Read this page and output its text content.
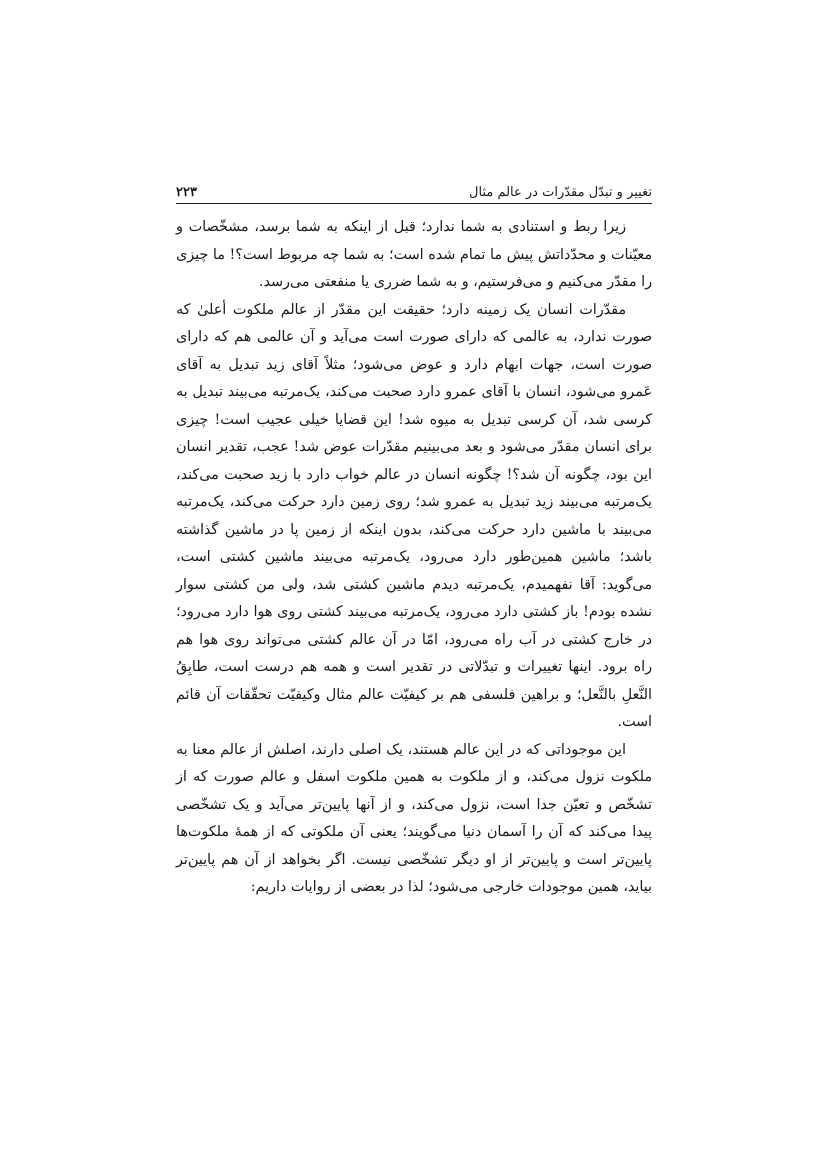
تغییر و تبدّل مقدّرات در عالم مثال
۲۲۳

زیرا ربط و استنادی به شما ندارد؛ قبل از اینکه به شما برسد، مشخّصات و معیّنات و محدّداتش پیش ما تمام شده است؛ به شما چه مربوط است؟! ما چیزی را مقدّر می‌کنیم و می‌فرستیم، و به شما ضرری یا منفعتی می‌رسد.

مقدّرات انسان یک زمینه دارد؛ حقیقت این مقدّر از عالم ملکوت أعلیٰ که صورت ندارد، به عالمی که دارای صورت است می‌آید و آن عالمی هم که دارای صورت است، جهات ابهام دارد و عوض می‌شود؛ مثلاً آقای زید تبدیل به آقای عَمرو می‌شود، انسان با آقای عمرو دارد صحبت می‌کند، یک‌مرتبه می‌بیند تبدیل به کرسی شد، آن کرسی تبدیل به میوه شد! این قضایا خیلی عجیب است! چیزی برای انسان مقدّر می‌شود و بعد می‌بینیم مقدّرات عوض شد! عجب، تقدیر انسان این بود، چگونه آن شد؟! چگونه انسان در عالم خواب دارد با زید صحبت می‌کند، یک‌مرتبه می‌بیند زید تبدیل به عمرو شد؛ روی زمین دارد حرکت می‌کند، یک‌مرتبه می‌بیند با ماشین دارد حرکت می‌کند، بدون اینکه از زمین پا در ماشین گذاشته باشد؛ ماشین همین‌طور دارد می‌رود، یک‌مرتبه می‌بیند ماشین کشتی است، می‌گوید: آقا نفهمیدم، یک‌مرتبه دیدم ماشین کشتی شد، ولی من کشتی سوار نشده بودم! باز کشتی دارد می‌رود، یک‌مرتبه می‌بیند کشتی روی هوا دارد می‌رود؛ در خارج کشتی در آب راه می‌رود، امّا در آن عالم کشتی می‌تواند روی هوا هم راه برود. اینها تغییرات و تبدّلاتی در تقدیر است و همه هم درست است، طابِقُ النَّعلِ بالنَّعل؛ و براهین فلسفی هم بر کیفیّت عالم مثال وکیفیّت تحقّقات آن قائم است.

این موجوداتی که در این عالم هستند، یک اصلی دارند، اصلش از عالم معنا به ملکوت نزول می‌کند، و از ملکوت به همین ملکوت اسفل و عالم صورت که از تشخّص و تعیّن جدا است، نزول می‌کند، و از آنها پایین‌تر می‌آید و یک تشخّصی پیدا می‌کند که آن را آسمان دنیا می‌گویند؛ یعنی آن ملکوتی که از همهٔ ملکوت‌ها پایین‌تر است و پایین‌تر از او دیگر تشخّصی نیست. اگر بخواهد از آن هم پایین‌تر بیاید، همین موجودات خارجی می‌شود؛ لذا در بعضی از روایات داریم:
